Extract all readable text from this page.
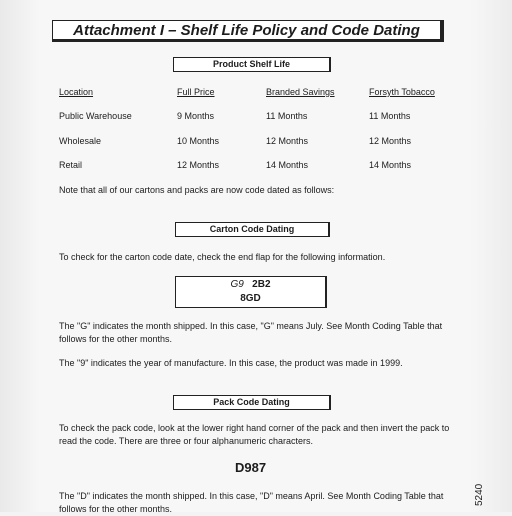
Attachment I – Shelf Life Policy and Code Dating
Product Shelf Life
Location	Full Price	Branded Savings	Forsyth Tobacco
Public Warehouse	9 Months	11 Months	11 Months
Wholesale	10 Months	12 Months	12 Months
Retail	12 Months	14 Months	14 Months
Note that all of our cartons and packs are now code dated as follows:
Carton Code Dating
To check for the carton code date, check the end flap for the following information.
G9 2B2
8GD
The "G" indicates the month shipped. In this case, "G" means July. See Month Coding Table that follows for the other months.
The "9" indicates the year of manufacture. In this case, the product was made in 1999.
Pack Code Dating
To check the pack code, look at the lower right hand corner of the pack and then invert the pack to read the code. There are three or four alphanumeric characters.
D987
The "D" indicates the month shipped. In this case, "D" means April. See Month Coding Table that follows for the other months.
5240
